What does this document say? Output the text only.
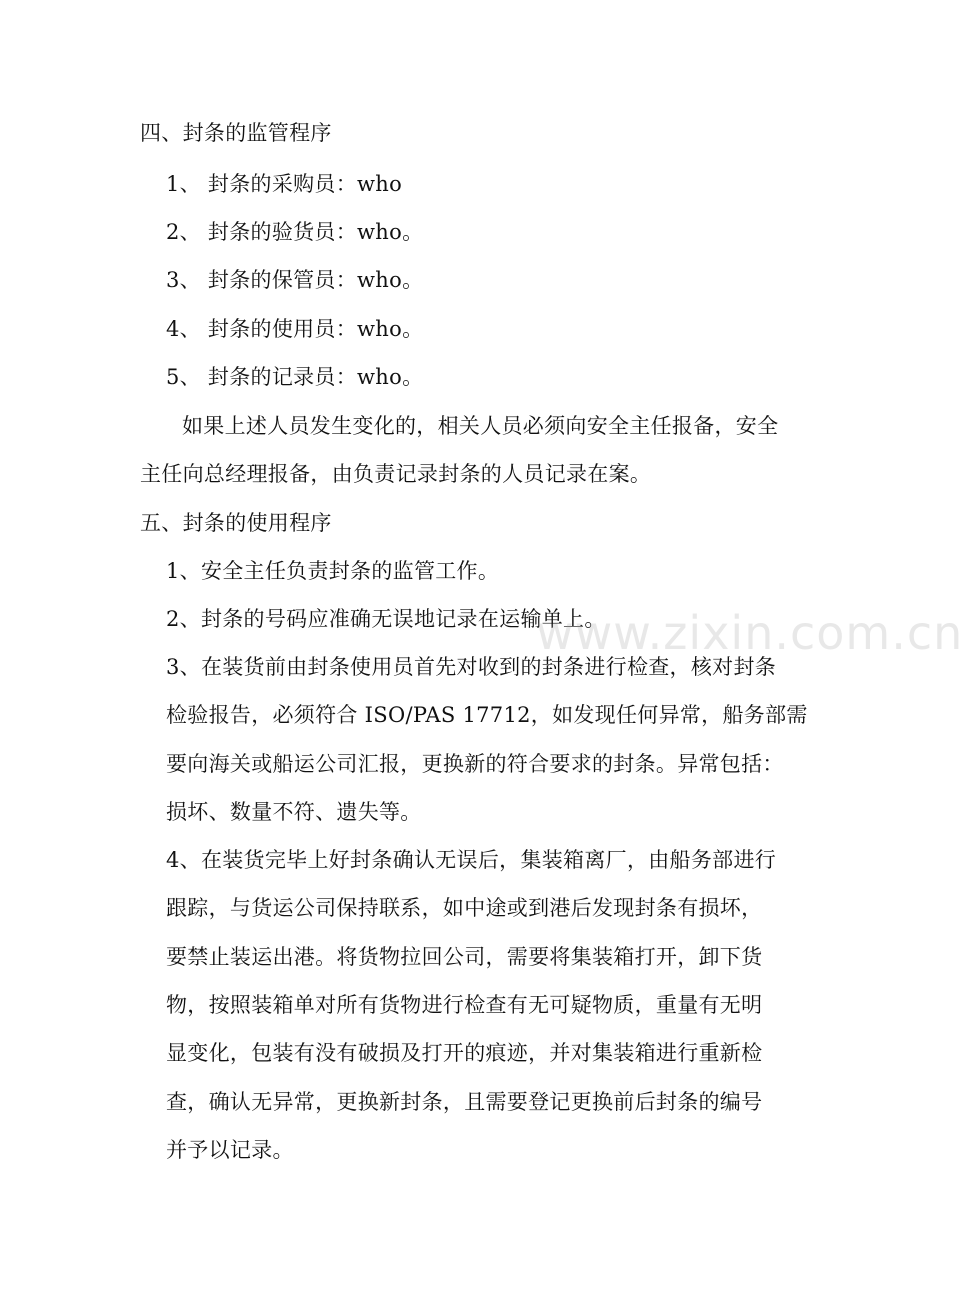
四、封条的监管程序
1、 封条的采购员：who
2、 封条的验货员：who。
3、 封条的保管员：who。
4、 封条的使用员：who。
5、 封条的记录员：who。
如果上述人员发生变化的，相关人员必须向安全主任报备，安全
主任向总经理报备，由负责记录封条的人员记录在案。
五、封条的使用程序
1、安全主任负责封条的监管工作。
2、封条的号码应准确无误地记录在运输单上。
3、在装货前由封条使用员首先对收到的封条进行检查，核对封条
检验报告，必须符合 ISO/PAS 17712，如发现任何异常，船务部需
要向海关或船运公司汇报，更换新的符合要求的封条。异常包括：
损坏、数量不符、遗失等。
4、在装货完毕上好封条确认无误后，集装箱离厂，由船务部进行
跟踪，与货运公司保持联系，如中途或到港后发现封条有损坏，
要禁止装运出港。将货物拉回公司，需要将集装箱打开，卸下货
物，按照装箱单对所有货物进行检查有无可疑物质，重量有无明
显变化，包装有没有破损及打开的痕迹，并对集装箱进行重新检
查，确认无异常，更换新封条，且需要登记更换前后封条的编号
并予以记录。
www.zixin.com.cn
